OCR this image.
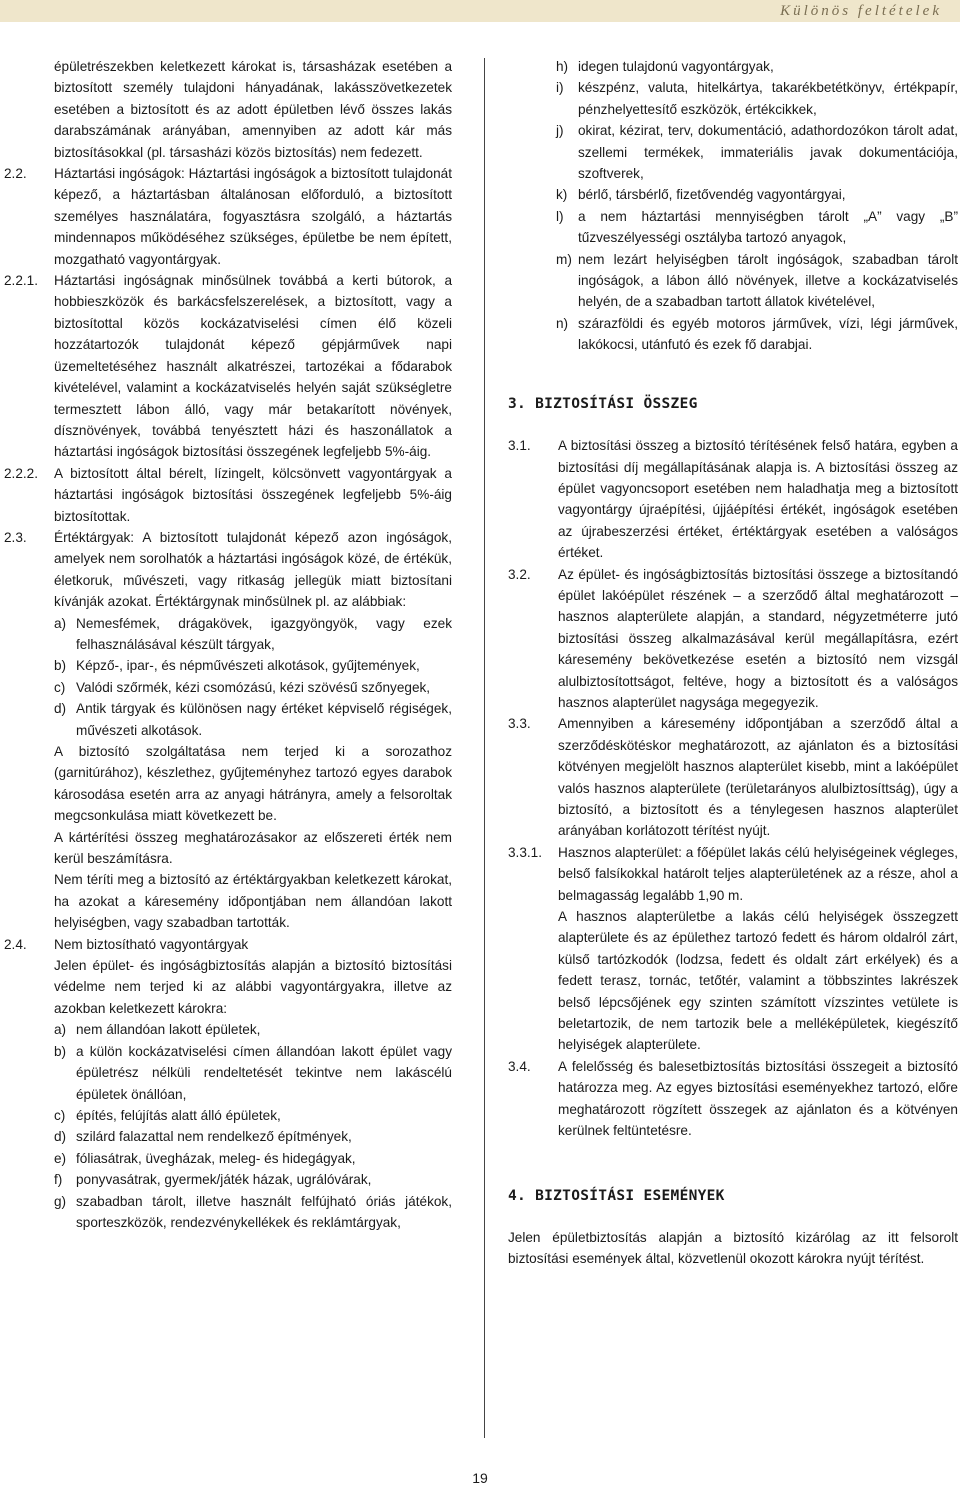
Különös feltételek

épületrészekben keletkezett károkat is, társasházak esetében a biztosított személy tulajdoni hányadának, lakásszövetkezetek esetében a biztosított és az adott épületben lévő összes lakás darabszámának arányában, amennyiben az adott kár más biztosításokkal (pl. társasházi közös biztosítás) nem fedezett.

2.2. Háztartási ingóságok: Háztartási ingóságok a biztosított tulajdonát képező, a háztartásban általánosan előforduló, a biztosított személyes használatára, fogyasztásra szolgáló, a háztartás mindennapos működéséhez szükséges, épületbe be nem épített, mozgatható vagyontárgyak.
2.2.1. Háztartási ingóságnak minősülnek továbbá a kerti bútorok, a hobbieszközök és barkácsfelszerelések, a biztosított, vagy a biztosítottal közös kockázatviselési címen élő közeli hozzátartozók tulajdonát képező gépjárművek napi üzemeltetéséhez használt alkatrészei, tartozékai a fődarabok kivételével, valamint a kockázatviselés helyén saját szükségletre termesztett lábon álló, vagy már betakarított növények, dísznövények, továbbá tenyésztett házi és haszonállatok a háztartási ingóságok biztosítási összegének legfeljebb 5%-áig.
2.2.2. A biztosított által bérelt, lízingelt, kölcsönvett vagyontárgyak a háztartási ingóságok biztosítási összegének legfeljebb 5%-áig biztosítottak.
2.3. Értéktárgyak: A biztosított tulajdonát képező azon ingóságok, amelyek nem sorolhatók a háztartási ingóságok közé, de értékük, életkoruk, művészeti, vagy ritkaság jellegük miatt biztosítani kívánják azokat. Értéktárgynak minősülnek pl. az alábbiak:
a) Nemesfémek, drágakövek, igazgyöngyök, vagy ezek felhasználásával készült tárgyak,
b) Képző-, ipar-, és népművészeti alkotások, gyűjtemények,
c) Valódi szőrmék, kézi csomózású, kézi szövésű szőnyegek,
d) Antik tárgyak és különösen nagy értéket képviselő régiségek, művészeti alkotások.

A biztosító szolgáltatása nem terjed ki a sorozathoz (garnitúrához), készlethez, gyűjteményhez tartozó egyes darabok károsodása esetén arra az anyagi hátrányra, amely a felsoroltak megcsonkulása miatt következett be.

A kártérítési összeg meghatározásakor az előszereti érték nem kerül beszámításra.

Nem téríti meg a biztosító az értéktárgyakban keletkezett károkat, ha azokat a káresemény időpontjában nem állandóan lakott helyiségben, vagy szabadban tartották.

2.4. Nem biztosítható vagyontárgyak

Jelen épület- és ingóságbiztosítás alapján a biztosító biztosítási védelme nem terjed ki az alábbi vagyontárgyakra, illetve az azokban keletkezett károkra:

a) nem állandóan lakott épületek,
b) a külön kockázatviselési címen állandóan lakott épület vagy épületrész nélküli rendeltetését tekintve nem lakáscélú épületek önállóan,
c) építés, felújítás alatt álló épületek,
d) szilárd falazattal nem rendelkező építmények,
e) fóliasátrak, üvegházak, meleg- és hidegágyak,
f) ponyvasátrak, gyermek/játék házak, ugrálóvárak,
g) szabadban tárolt, illetve használt felfújható óriás játékok, sporteszközök, rendezvénykellékek és reklámtárgyak,
h) idegen tulajdonú vagyontárgyak,
i) készpénz, valuta, hitelkártya, takarékbetétkönyv, értékpapír, pénzhelyettesítő eszközök, értékcikkek,
j) okirat, kézirat, terv, dokumentáció, adathordozókon tárolt adat, szellemi termékek, immateriális javak dokumentációja, szoftverek,
k) bérlő, társbérlő, fizetővendég vagyontárgyai,
l) a nem háztartási mennyiségben tárolt „A” vagy „B” tűzveszélyességi osztályba tartozó anyagok,
m) nem lezárt helyiségben tárolt ingóságok, szabadban tárolt ingóságok, a lábon álló növények, illetve a kockázatviselés helyén, de a szabadban tartott állatok kivételével,
n) szárazföldi és egyéb motoros járművek, vízi, légi járművek, lakókocsi, utánfutó és ezek fő darabjai.
3. BIZTOSÍTÁSI ÖSSZEG
3.1. A biztosítási összeg a biztosító térítésének felső határa, egyben a biztosítási díj megállapításának alapja is. A biztosítási összeg az épület vagyoncsoport esetében nem haladhatja meg a biztosított vagyontárgy újraépítési, újjáépítési értékét, ingóságok esetében az újrabeszerzési értéket, értéktárgyak esetében a valóságos értéket.
3.2. Az épület- és ingóságbiztosítás biztosítási összege a biztosítandó épület lakóépület részének – a szerződő által meghatározott – hasznos alapterülete alapján, a standard, négyzetméterre jutó biztosítási összeg alkalmazásával kerül megállapításra, ezért káresemény bekövetkezése esetén a biztosító nem vizsgál alulbiztosítottságot, feltéve, hogy a biztosított és a valóságos hasznos alapterület nagysága megegyezik.
3.3. Amennyiben a káresemény időpontjában a szerződő által a szerződéskötéskor meghatározott, az ajánlaton és a biztosítási kötvényen megjelölt hasznos alapterület kisebb, mint a lakóépület valós hasznos alapterülete (területarányos alulbiztosíttság), úgy a biztosító, a biztosított és a ténylegesen hasznos alapterület arányában korlátozott térítést nyújt.
3.3.1. Hasznos alapterület: a főépület lakás célú helyiségeinek végleges, belső falsíkokkal határolt teljes alapterületének az a része, ahol a belmagasság legalább 1,90 m.

A hasznos alapterületbe a lakás célú helyiségek összegzett alapterülete és az épülethez tartozó fedett és három oldalról zárt, külső tartózkodók (lodzsa, fedett és oldalt zárt erkélyek) és a fedett terasz, tornác, tetőtér, valamint a többszintes lakrészek belső lépcsőjének egy szinten számított vízszintes vetülete is beletartozik, de nem tartozik bele a melléképületek, kiegészítő helyiségek alapterülete.

3.4. A felelősség és balesetbiztosítás biztosítási összegeit a biztosító határozza meg. Az egyes biztosítási eseményekhez tartozó, előre meghatározott rögzített összegek az ajánlaton és a kötvényen kerülnek feltüntetésre.
4. BIZTOSÍTÁSI ESEMÉNYEK

Jelen épületbiztosítás alapján a biztosító kizárólag az itt felsorolt biztosítási események által, közvetlenül okozott károkra nyújt térítést.

19
